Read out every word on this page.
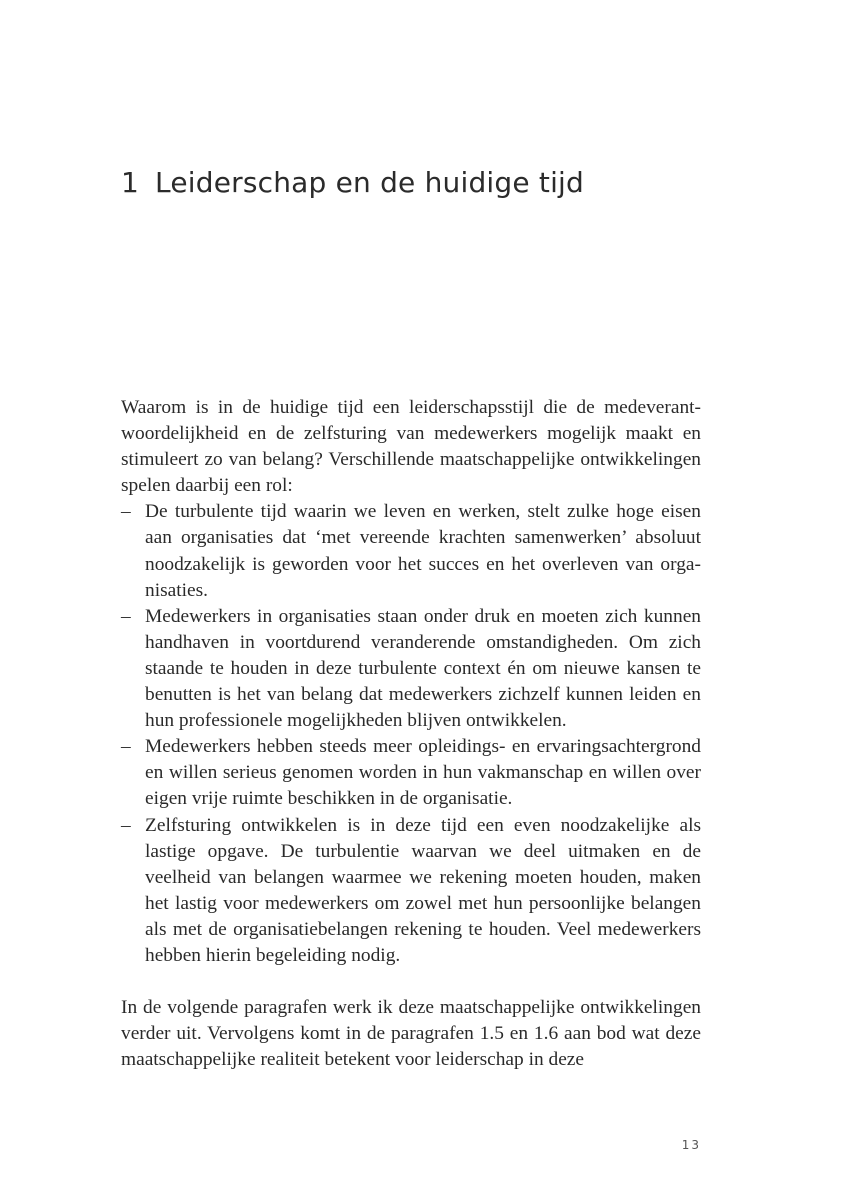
1 Leiderschap en de huidige tijd

Waarom is in de huidige tijd een leiderschapsstijl die de medeverantwoordelijkheid en de zelfsturing van medewerkers mogelijk maakt en stimuleert zo van belang? Verschillende maatschappelijke ontwikkelingen spelen daarbij een rol:

– De turbulente tijd waarin we leven en werken, stelt zulke hoge eisen aan organisaties dat ‘met vereende krachten samenwerken’ absoluut noodzakelijk is geworden voor het succes en het overleven van organisaties.
– Medewerkers in organisaties staan onder druk en moeten zich kunnen handhaven in voortdurend veranderende omstandigheden. Om zich staande te houden in deze turbulente context én om nieuwe kansen te benutten is het van belang dat medewerkers zichzelf kunnen leiden en hun professionele mogelijkheden blijven ontwikkelen.
– Medewerkers hebben steeds meer opleidings- en ervaringsachtergrond en willen serieus genomen worden in hun vakmanschap en willen over eigen vrije ruimte beschikken in de organisatie.
– Zelfsturing ontwikkelen is in deze tijd een even noodzakelijke als lastige opgave. De turbulentie waarvan we deel uitmaken en de veelheid van belangen waarmee we rekening moeten houden, maken het lastig voor medewerkers om zowel met hun persoonlijke belangen als met de organisatiebelangen rekening te houden. Veel medewerkers hebben hierin begeleiding nodig.

In de volgende paragrafen werk ik deze maatschappelijke ontwikkelingen verder uit. Vervolgens komt in de paragrafen 1.5 en 1.6 aan bod wat deze maatschappelijke realiteit betekent voor leiderschap in deze

13
